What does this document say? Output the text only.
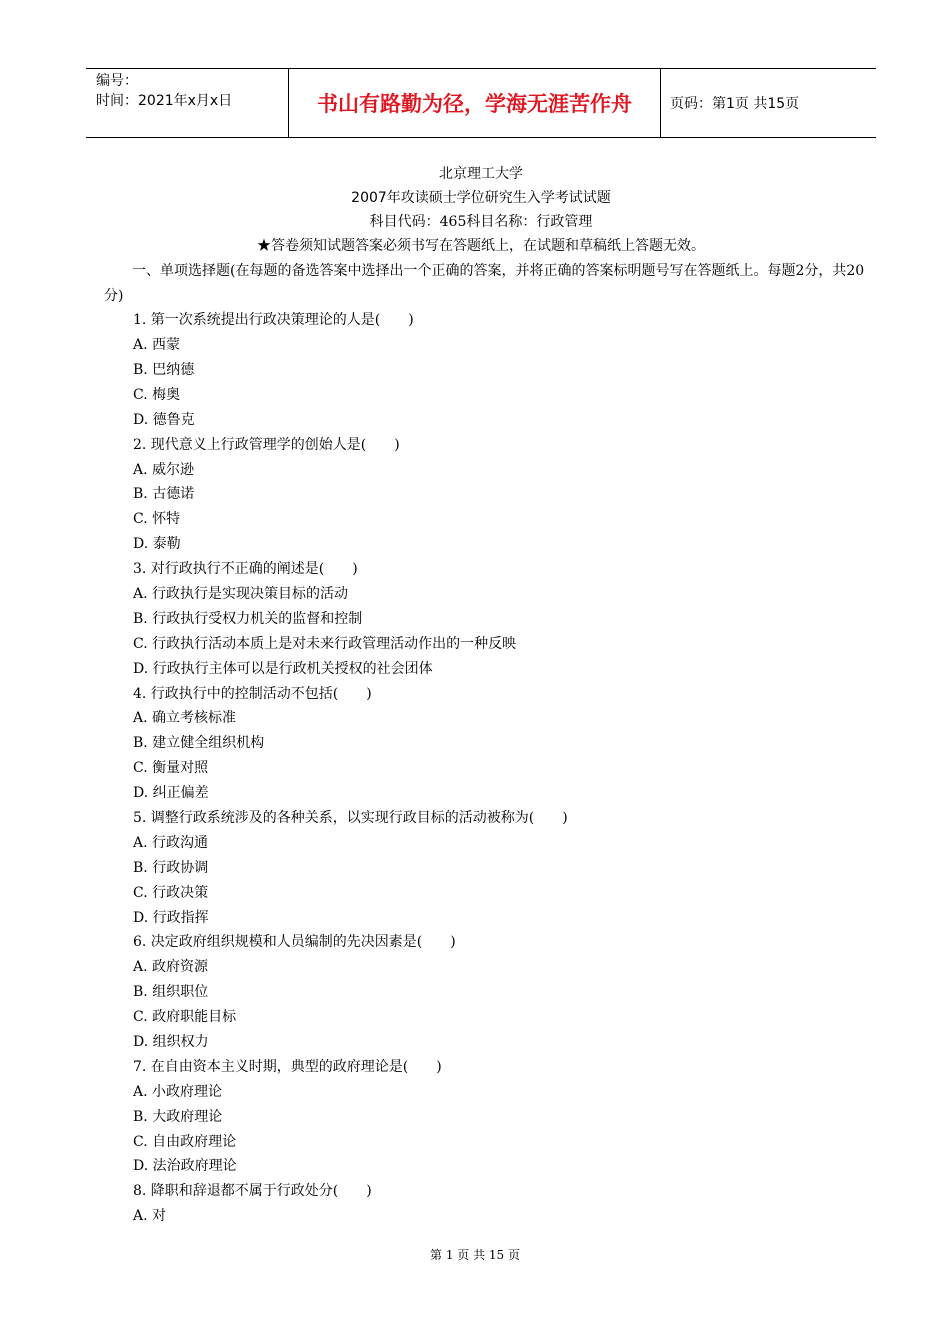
编号：
时间：2021年x月x日	书山有路勤为径，学海无涯苦作舟	页码：第1页 共15页
北京理工大学
2007年攻读硕士学位研究生入学考试试题
科目代码：465科目名称：行政管理
★答卷须知试题答案必须书写在答题纸上，在试题和草稿纸上答题无效。

一、单项选择题(在每题的备选答案中选择出一个正确的答案，并将正确的答案标明题号写在答题纸上。每题2分，共20分)

1. 第一次系统提出行政决策理论的人是(　　)
A. 西蒙
B. 巴纳德
C. 梅奥
D. 德鲁克
2. 现代意义上行政管理学的创始人是(　　)
A. 威尔逊
B. 古德诺
C. 怀特
D. 泰勒
3. 对行政执行不正确的阐述是(　　)
A. 行政执行是实现决策目标的活动
B. 行政执行受权力机关的监督和控制
C. 行政执行活动本质上是对未来行政管理活动作出的一种反映
D. 行政执行主体可以是行政机关授权的社会团体
4. 行政执行中的控制活动不包括(　　)
A. 确立考核标准
B. 建立健全组织机构
C. 衡量对照
D. 纠正偏差
5. 调整行政系统涉及的各种关系，以实现行政目标的活动被称为(　　)
A. 行政沟通
B. 行政协调
C. 行政决策
D. 行政指挥
6. 决定政府组织规模和人员编制的先决因素是(　　)
A. 政府资源
B. 组织职位
C. 政府职能目标
D. 组织权力
7. 在自由资本主义时期，典型的政府理论是(　　)
A. 小政府理论
B. 大政府理论
C. 自由政府理论
D. 法治政府理论
8. 降职和辞退都不属于行政处分(　　)
A. 对
第 1 页 共 15 页
